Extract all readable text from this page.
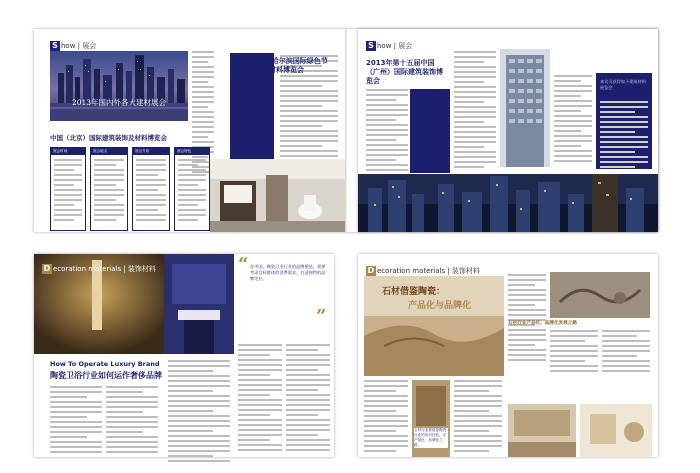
S how | 展会
2013年国内外各大建材展会
中国（北京）国际建筑装饰及材料博览会
展会时间	展会地点	展会介绍	展会特色
第11届中国哈尔滨国际绿色节能建筑装饰材料博览会
S how | 展会
2013年第十五届中国（广州）国际建筑装饰博览会	来宾可获得如下建筑材料展览会
D ecoration materials | 装饰材料	“ 在中国，陶瓷卫浴行业的品牌塑造，需要考虑目标群体的消费需求，打造独特的品牌定位。
”
How To Operate Luxury Brand
陶瓷卫浴行业如何运作奢侈品牌
D ecoration materials | 装饰材料
石材借鉴陶瓷：
产品化与品牌化
石材行业要借鉴陶瓷行业的成功经验，走产品化、品牌化之路。
石材行业产品化、品牌化发展之路
